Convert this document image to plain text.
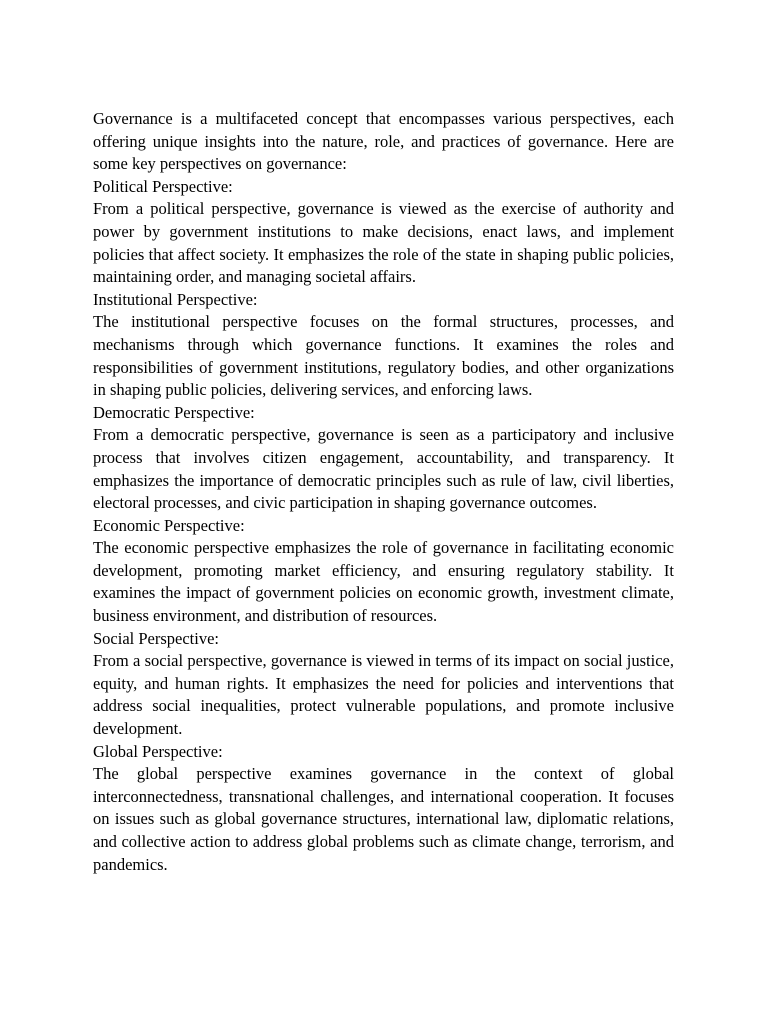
Governance is a multifaceted concept that encompasses various perspectives, each offering unique insights into the nature, role, and practices of governance. Here are some key perspectives on governance:

Political Perspective:

From a political perspective, governance is viewed as the exercise of authority and power by government institutions to make decisions, enact laws, and implement policies that affect society. It emphasizes the role of the state in shaping public policies, maintaining order, and managing societal affairs.

Institutional Perspective:

The institutional perspective focuses on the formal structures, processes, and mechanisms through which governance functions. It examines the roles and responsibilities of government institutions, regulatory bodies, and other organizations in shaping public policies, delivering services, and enforcing laws.

Democratic Perspective:

From a democratic perspective, governance is seen as a participatory and inclusive process that involves citizen engagement, accountability, and transparency. It emphasizes the importance of democratic principles such as rule of law, civil liberties, electoral processes, and civic participation in shaping governance outcomes.

Economic Perspective:

The economic perspective emphasizes the role of governance in facilitating economic development, promoting market efficiency, and ensuring regulatory stability. It examines the impact of government policies on economic growth, investment climate, business environment, and distribution of resources.

Social Perspective:

From a social perspective, governance is viewed in terms of its impact on social justice, equity, and human rights. It emphasizes the need for policies and interventions that address social inequalities, protect vulnerable populations, and promote inclusive development.

Global Perspective:

The global perspective examines governance in the context of global interconnectedness, transnational challenges, and international cooperation. It focuses on issues such as global governance structures, international law, diplomatic relations, and collective action to address global problems such as climate change, terrorism, and pandemics.
